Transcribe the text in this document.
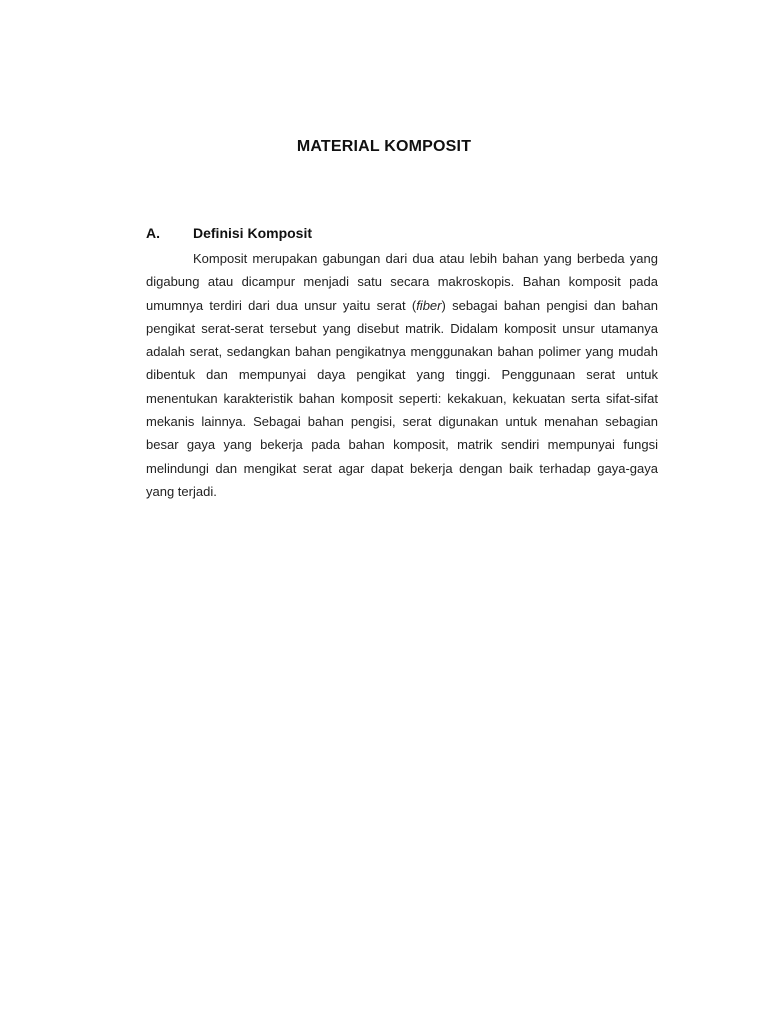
MATERIAL KOMPOSIT
A.	Definisi Komposit

Komposit merupakan gabungan dari dua atau lebih bahan yang berbeda yang digabung atau dicampur menjadi satu secara makroskopis. Bahan komposit pada umumnya terdiri dari dua unsur yaitu serat (fiber) sebagai bahan pengisi dan bahan pengikat serat-serat tersebut yang disebut matrik. Didalam komposit unsur utamanya adalah serat, sedangkan bahan pengikatnya menggunakan bahan polimer yang mudah dibentuk dan mempunyai daya pengikat yang tinggi. Penggunaan serat untuk menentukan karakteristik bahan komposit seperti: kekakuan, kekuatan serta sifat-sifat mekanis lainnya. Sebagai bahan pengisi, serat digunakan untuk menahan sebagian besar gaya yang bekerja pada bahan komposit, matrik sendiri mempunyai fungsi melindungi dan mengikat serat agar dapat bekerja dengan baik terhadap gaya-gaya yang terjadi.
